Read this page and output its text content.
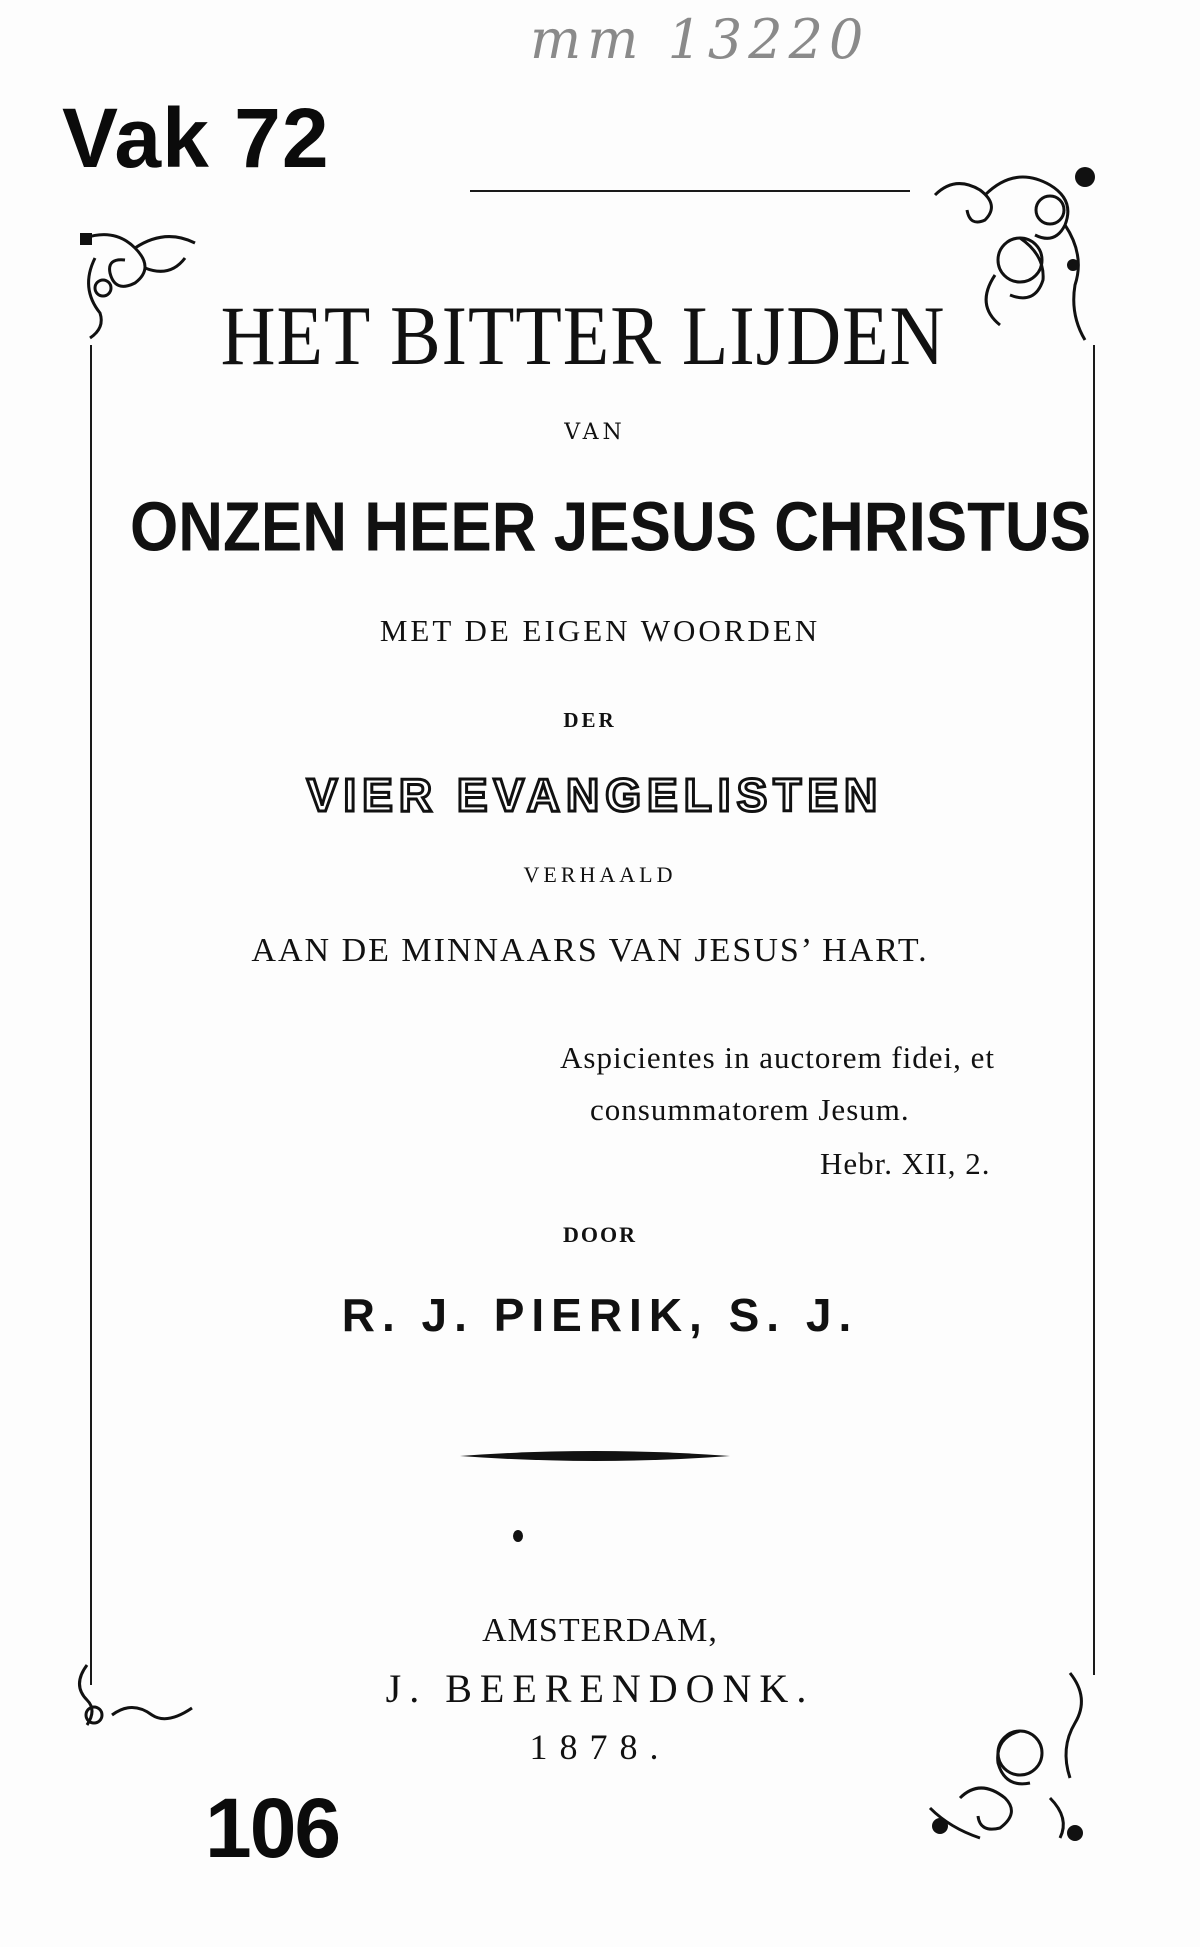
mm 13220
Vak 72
HET BITTER LIJDEN
VAN
ONZEN HEER JESUS CHRISTUS
MET DE EIGEN WOORDEN
DER
VIER EVANGELISTEN
VERHAALD
AAN DE MINNAARS VAN JESUS’ HART.
Aspicientes in auctorem fidei, et
consummatorem Jesum.
Hebr. XII, 2.
DOOR
R. J. PIERIK, S. J.
AMSTERDAM,
J. BEERENDONK.
1878.
106
